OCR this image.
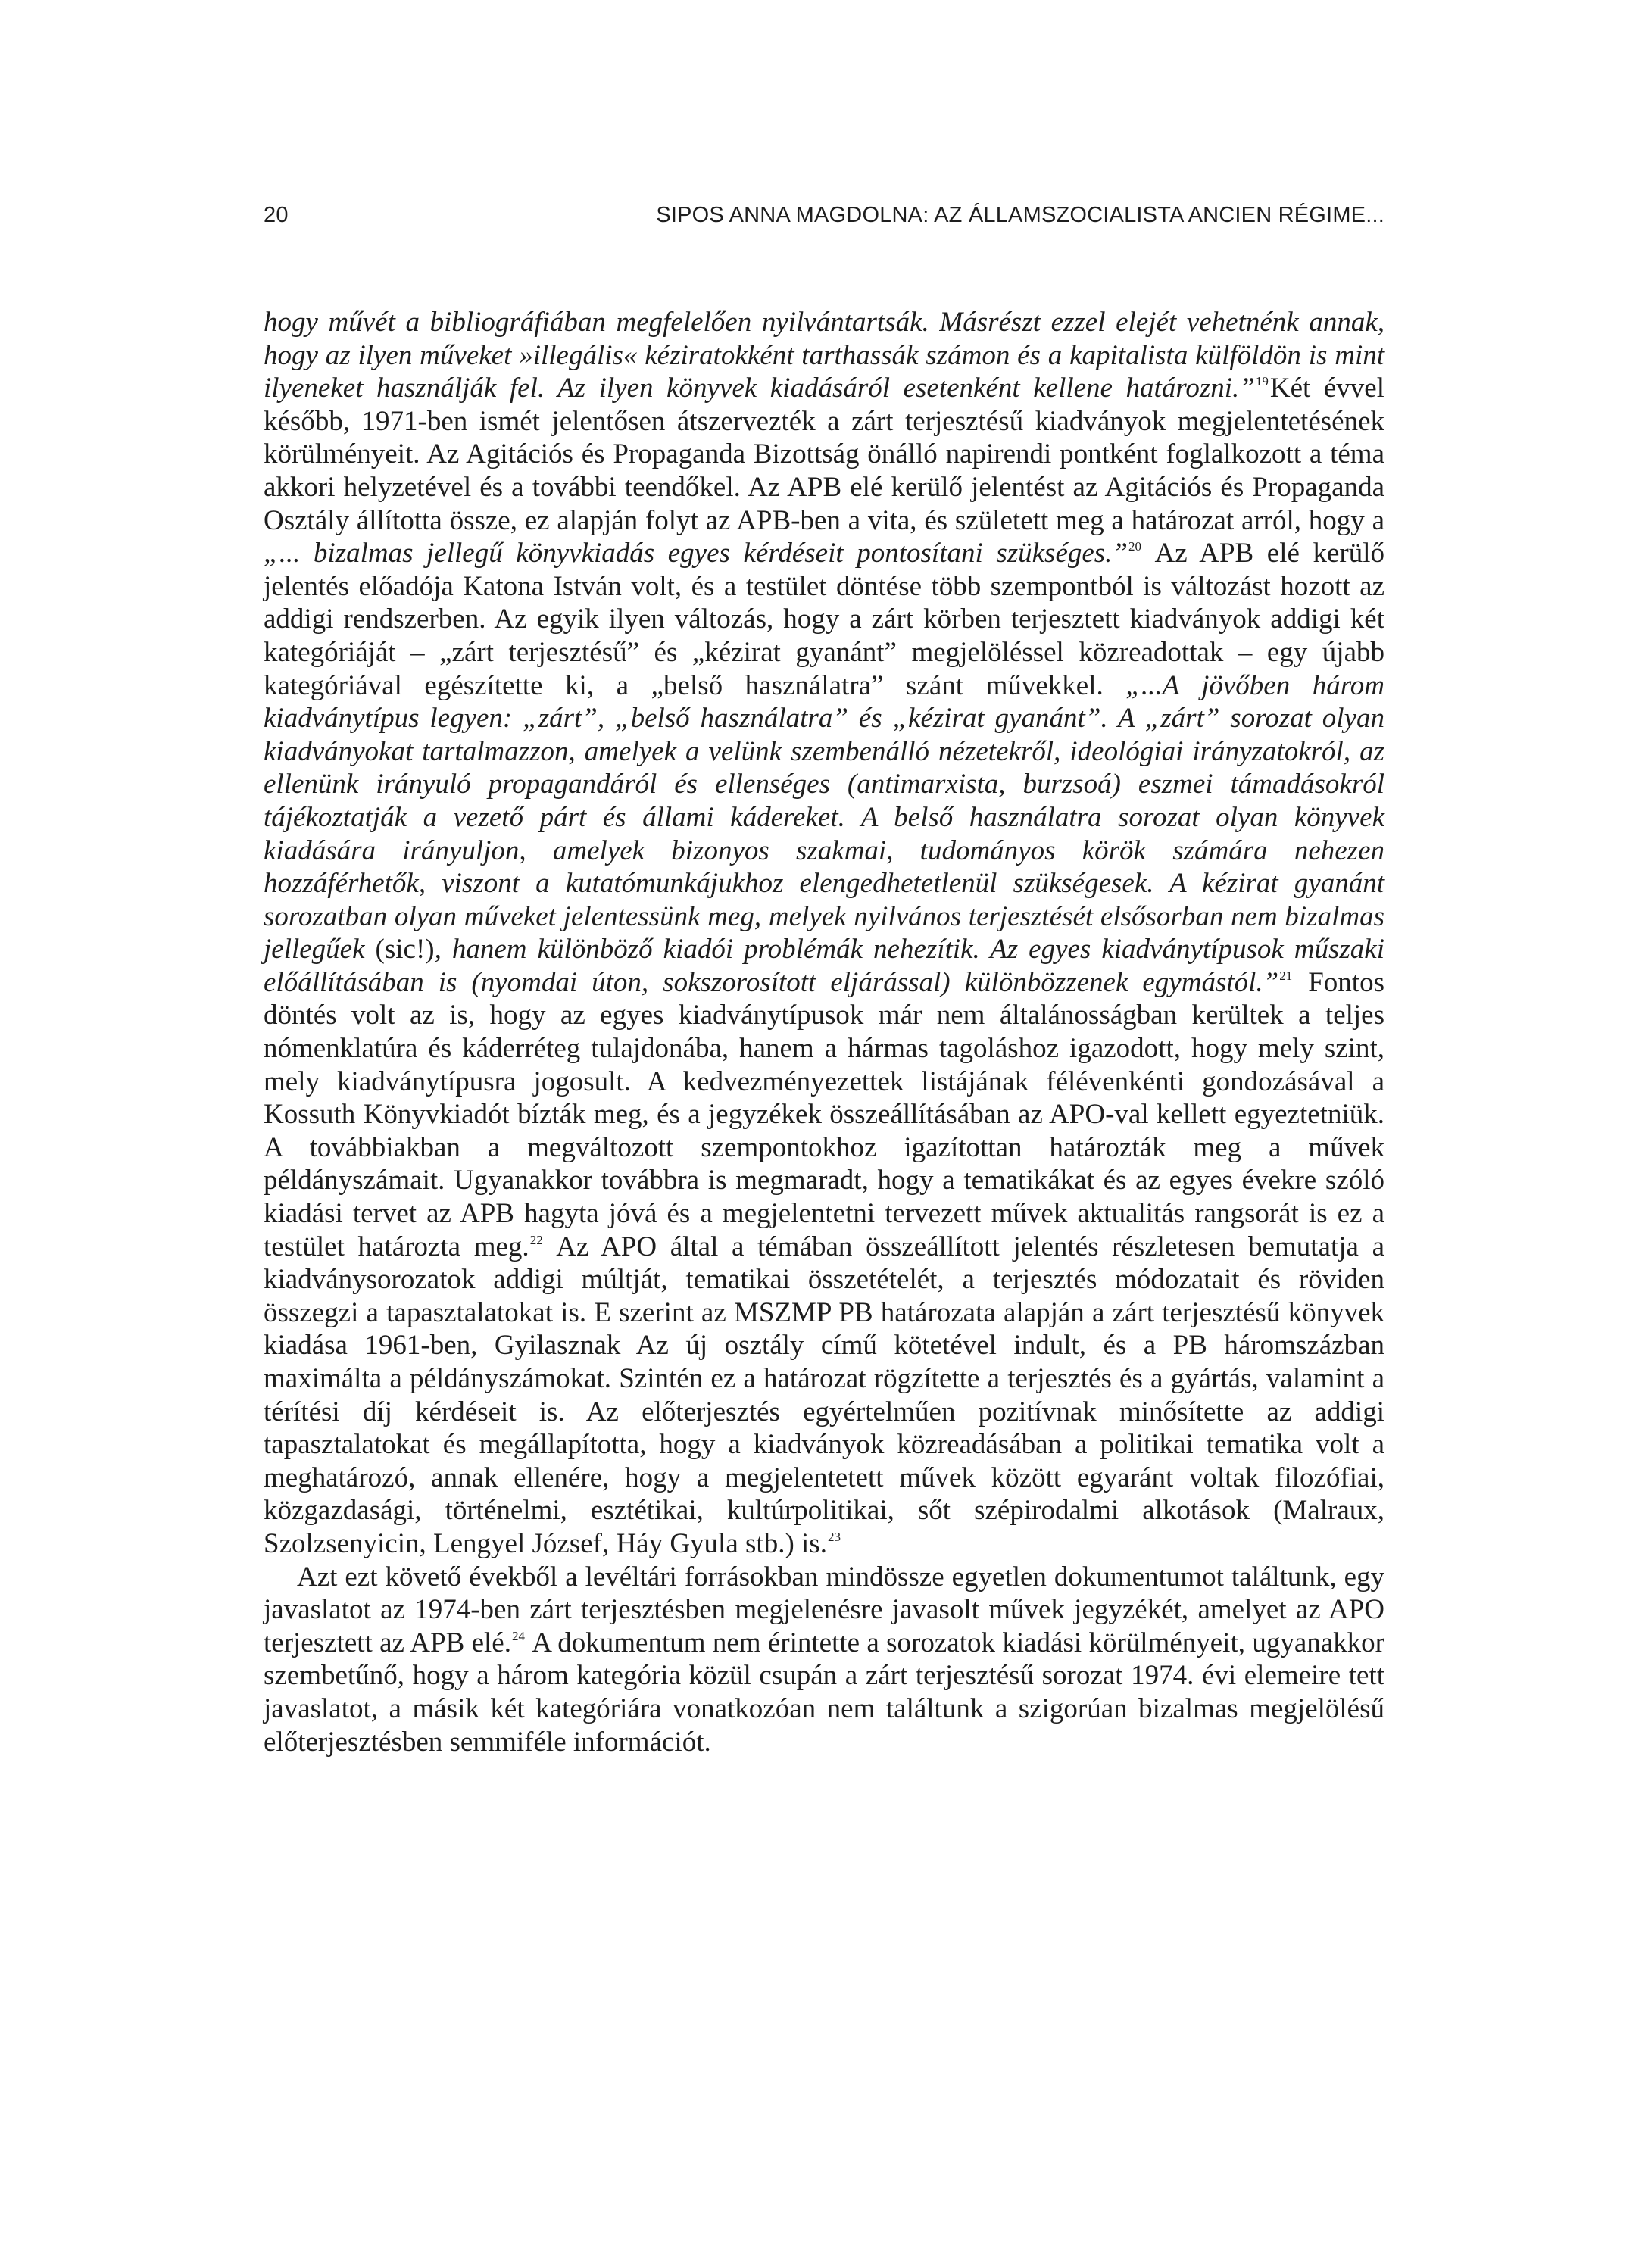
20	SIPOS ANNA MAGDOLNA: AZ ÁLLAMSZOCIALISTA ANCIEN RÉGIME...

hogy művét a bibliográfiában megfelelően nyilvántartsák. Másrészt ezzel elejét vehetnénk annak, hogy az ilyen műveket »illegális« kéziratokként tarthassák számon és a kapitalista külföldön is mint ilyeneket használják fel. Az ilyen könyvek kiadásáról esetenként kellene határozni.”$^{19}$Két évvel később, 1971-ben ismét jelentősen átszervezték a zárt terjesztésű kiadványok megjelentetésének körülményeit. Az Agitációs és Propaganda Bizottság önálló napirendi pontként foglalkozott a téma akkori helyzetével és a további teendőkel. Az APB elé kerülő jelentést az Agitációs és Propaganda Osztály állította össze, ez alapján folyt az APB-ben a vita, és született meg a határozat arról, hogy a „... bizalmas jellegű könyvkiadás egyes kérdéseit pontosítani szükséges.”$^{20}$ Az APB elé kerülő jelentés előadója Katona István volt, és a testület döntése több szempontból is változást hozott az addigi rendszerben. Az egyik ilyen változás, hogy a zárt körben terjesztett kiadványok addigi két kategóriáját – „zárt terjesztésű” és „kézirat gyanánt” megjelöléssel közreadottak – egy újabb kategóriával egészítette ki, a „belső használatra” szánt művekkel. „...A jövőben három kiadványtípus legyen: „zárt”, „belső használatra” és „kézirat gyanánt”. A „zárt” sorozat olyan kiadványokat tartalmazzon, amelyek a velünk szembenálló nézetekről, ideológiai irányzatokról, az ellenünk irányuló propagandáról és ellenséges (antimarxista, burzsoá) eszmei támadásokról tájékoztatják a vezető párt és állami kádereket. A belső használatra sorozat olyan könyvek kiadására irányuljon, amelyek bizonyos szakmai, tudományos körök számára nehezen hozzáférhetők, viszont a kutatómunkájukhoz elengedhetetlenül szükségesek. A kézirat gyanánt sorozatban olyan műveket jelentessünk meg, melyek nyilvános terjesztését elsősorban nem bizalmas jellegűek (sic!), hanem különböző kiadói problémák nehezítik. Az egyes kiadványtípusok műszaki előállításában is (nyomdai úton, sokszorosított eljárással) különbözzenek egymástól.”$^{21}$ Fontos döntés volt az is, hogy az egyes kiadványtípusok már nem általánosságban kerültek a teljes nómenklatúra és káderréteg tulajdonába, hanem a hármas tagoláshoz igazodott, hogy mely szint, mely kiadványtípusra jogosult. A kedvezményezettek listájának félévenkénti gondozásával a Kossuth Könyvkiadót bízták meg, és a jegyzékek összeállításában az APO-val kellett egyeztetniük. A továbbiakban a megváltozott szempontokhoz igazítottan határozták meg a művek példányszámait. Ugyanakkor továbbra is megmaradt, hogy a tematikákat és az egyes évekre szóló kiadási tervet az APB hagyta jóvá és a megjelentetni tervezett művek aktualitás rangsorát is ez a testület határozta meg.$^{22}$ Az APO által a témában összeállított jelentés részletesen bemutatja a kiadványsorozatok addigi múltját, tematikai összetételét, a terjesztés módozatait és röviden összegzi a tapasztalatokat is. E szerint az MSZMP PB határozata alapján a zárt terjesztésű könyvek kiadása 1961-ben, Gyilasznak Az új osztály című kötetével indult, és a PB háromszázban maximálta a példányszámokat. Szintén ez a határozat rögzítette a terjesztés és a gyártás, valamint a térítési díj kérdéseit is. Az előterjesztés egyértelműen pozitívnak minősítette az addigi tapasztalatokat és megállapította, hogy a kiadványok közreadásában a politikai tematika volt a meghatározó, annak ellenére, hogy a megjelentetett művek között egyaránt voltak filozófiai, közgazdasági, történelmi, esztétikai, kultúrpolitikai, sőt szépirodalmi alkotások (Malraux, Szolzsenyicin, Lengyel József, Háy Gyula stb.) is.$^{23}$

Azt ezt követő évekből a levéltári forrásokban mindössze egyetlen dokumentumot találtunk, egy javaslatot az 1974-ben zárt terjesztésben megjelenésre javasolt művek jegyzékét, amelyet az APO terjesztett az APB elé.$^{24}$ A dokumentum nem érintette a sorozatok kiadási körülményeit, ugyanakkor szembetűnő, hogy a három kategória közül csupán a zárt terjesztésű sorozat 1974. évi elemeire tett javaslatot, a másik két kategóriára vonatkozóan nem találtunk a szigorúan bizalmas megjelölésű előterjesztésben semmiféle információt.
